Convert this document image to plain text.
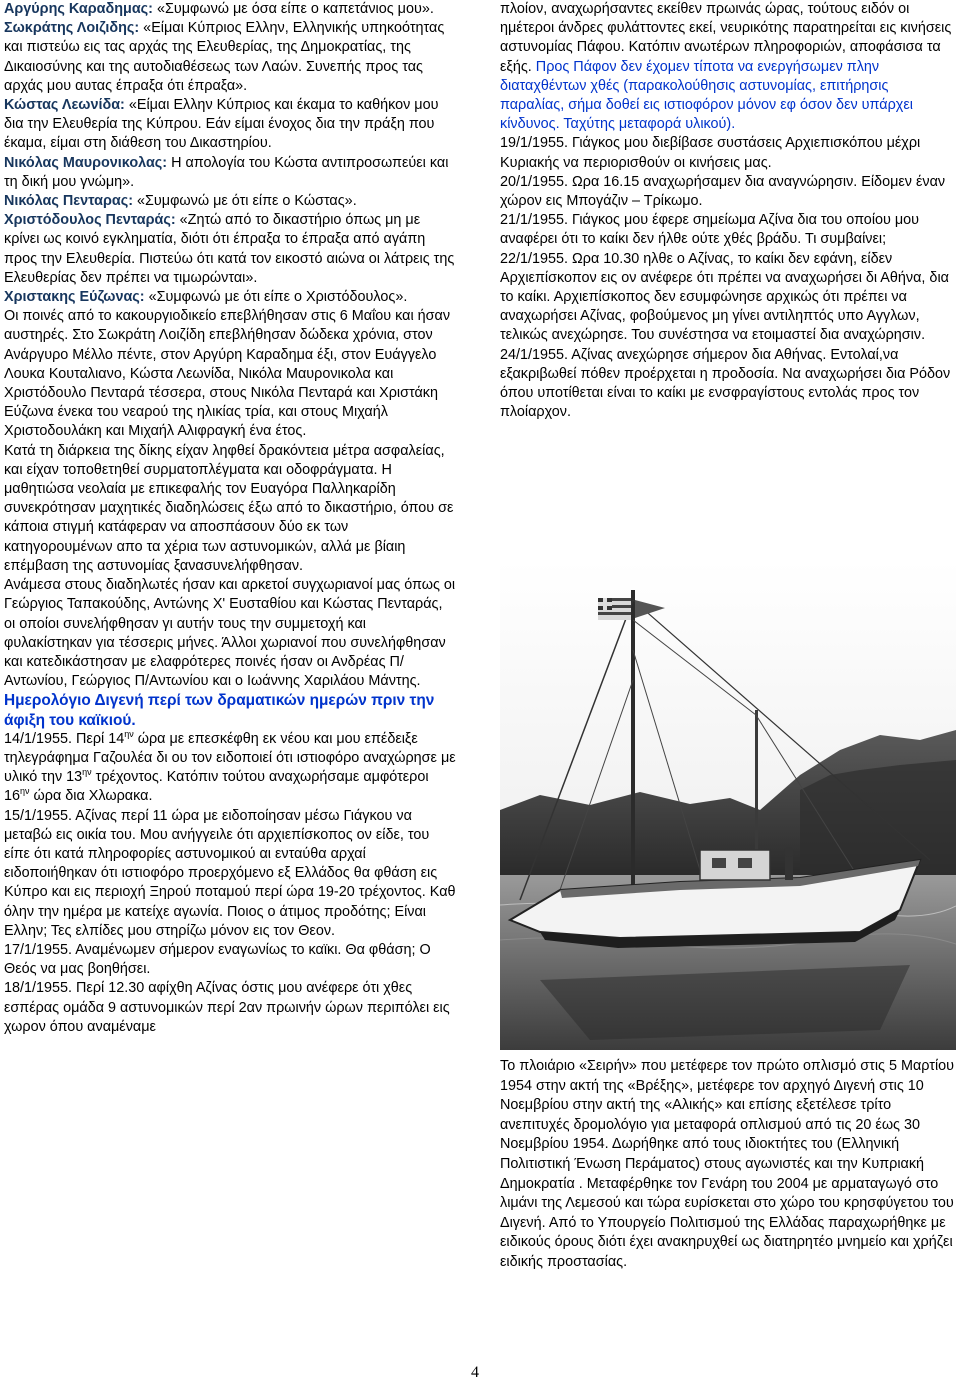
Αργύρης Καραδημας: «Συμφωνώ με όσα είπε ο καπετάνιος μου».

Σωκράτης Λοιζιδης: «Είμαι Κύπριος Ελλην, Ελληνικής υπηκοότητας και πιστεύω εις τας αρχάς της Ελευθερίας, της Δημοκρατίας, της Δικαιοσύνης και της αυτοδιαθέσεως των Λαών. Συνεπής προς τας αρχάς μου αυτας έπραξα ότι έπραξα».

Κώστας Λεωνίδα: «Είμαι Ελλην Κύπριος και έκαμα το καθήκον μου δια την Ελευθερία της Κύπρου. Εάν είμαι ένοχος δια την πράξη που έκαμα, είμαι στη διάθεση του Δικαστηρίου.

Νικόλας Μαυρονικολας: Η απολογία του Κώστα αντιπροσωπεύει και τη δική μου γνώμη».

Νικόλας Πενταρας: «Συμφωνώ με ότι είπε ο Κώστας».

Χριστόδουλος Πενταράς: «Ζητώ από το δικαστήριο όπως μη με κρίνει ως κοινό εγκληματία, διότι ότι έπραξα το έπραξα από αγάπη προς την Ελευθερία. Πιστεύω ότι κατά τον εικοστό αιώνα οι λάτρεις της Ελευθερίας δεν πρέπει να τιμωρώνται».

Χριστακης Εύζωνας: «Συμφωνώ με ότι είπε ο Χριστόδουλος».

Οι ποινές από το κακουργιοδικείο επεβλήθησαν στις 6 Μαΐου και ήσαν αυστηρές. Στο Σωκράτη Λοιζίδη επεβλήθησαν δώδεκα χρόνια, στον Ανάργυρο Μέλλο πέντε, στον Αργύρη Καραδημα έξι, στον Ευάγγελο Λουκα Κουταλιανο, Κώστα Λεωνίδα, Νικόλα Μαυρονικολα και Χριστόδουλο Πενταρά τέσσερα, στους Νικόλα Πενταρά και Χριστάκη Εύζωνα ένεκα του νεαρού της ηλικίας τρία, και στους Μιχαήλ Χριστοδουλάκη και Μιχαήλ Αλιφραγκή ένα έτος.

Κατά τη διάρκεια της δίκης είχαν ληφθεί δρακόντεια μέτρα ασφαλείας, και είχαν τοποθετηθεί συρματοπλέγματα και οδοφράγματα. Η μαθητιώσα νεολαία με επικεφαλής τον Ευαγόρα Παλληκαρίδη συνεκρότησαν μαχητικές διαδηλώσεις έξω από το δικαστήριο, όπου σε κάποια στιγμή κατάφεραν να αποσπάσουν δύο εκ των κατηγορουμένων απο τα χέρια των αστυνομικών, αλλά με βίαιη επέμβαση της αστυνομίας ξανασυνελήφθησαν.

Ανάμεσα στους διαδηλωτές ήσαν και αρκετοί συγχωριανοί μας όπως οι Γεώργιος Ταπακούδης, Αντώνης Χ' Ευσταθίου και Κώστας Πενταράς, οι οποίοι συνελήφθησαν γι αυτήν τους την συμμετοχή και φυλακίστηκαν για τέσσερις μήνες. Άλλοι χωριανοί που συνελήφθησαν και κατεδικάστησαν με ελαφρότερες ποινές ήσαν οι Ανδρέας Π/Αντωνίου, Γεώργιος Π/Αντωνίου και ο Ιωάννης Χαριλάου Μάντης.

Ημερολόγιο Διγενή περί των δραματικών ημερών πριν την άφιξη του καϊκιού.

14/1/1955. Περί $14^{\eta\nu}$ ώρα με επεσκέφθη εκ νέου και μου επέδειξε τηλεγράφημα Γαζουλέα δι ου τον ειδοποιεί ότι ιστιοφόρο αναχώρησε με υλικό την $13^{\eta\nu}$ τρέχοντος. Κατόπιν τούτου αναχωρήσαμε αμφότεροι $16^{\eta\nu}$ ώρα δια Χλωρακα.

15/1/1955. Αζίνας περί 11 ώρα με ειδοποίησαν μέσω Γιάγκου να μεταβώ εις οικία του. Μου ανήγγειλε ότι αρχιεπίσκοπος ον είδε, του είπε ότι κατά πληροφορίες αστυνομικού αι ενταύθα αρχαί ειδοποιήθηκαν ότι ιστιοφόρο προερχόμενο εξ Ελλάδος θα φθάση εις Κύπρο και εις περιοχή Ξηρού ποταμού περί ώρα 19-20 τρέχοντος. Καθ όλην την ημέρα με κατείχε αγωνία. Ποιος ο άτιμος προδότης; Είναι Ελλην; Τες ελπίδες μου στηρίζω μόνον εις τον Θεον.

17/1/1955. Αναμένωμεν σήμερον εναγωνίως το καϊκι. Θα φθάση; Ο Θεός να μας βοηθήσει.

18/1/1955. Περί 12.30 αφίχθη Αζίνας όστις μου ανέφερε ότι χθες εσπέρας ομάδα 9 αστυνομικών περί 2αν πρωινήν ώρων περιπόλει εις χωρον όπου αναμέναμε

πλοίον, αναχωρήσαντες εκείθεν πρωινάς ώρας, τούτους ειδόν οι ημέτεροι άνδρες φυλάττοντες εκεί, νευρικότης παρατηρείται εις κινήσεις αστυνομίας Πάφου. Κατόπιν ανωτέρων πληροφοριών, αποφάσισα τα εξής. Προς Πάφον δεν έχομεν τίποτα να ενεργήσωμεν πλην διαταχθέντων χθές (παρακολούθησις αστυνομίας, επιτήρησις παραλίας, σήμα δοθεί εις ιστιοφόρον μόνον εφ όσον δεν υπάρχει κίνδυνος. Ταχύτης μεταφορά υλικού).

19/1/1955. Γιάγκος μου διεβίβασε συστάσεις Αρχιεπισκόπου μέχρι Κυριακής να περιορισθούν οι κινήσεις μας.

20/1/1955. Ωρα 16.15 αναχωρήσαμεν δια αναγνώρησιν. Είδομεν έναν χώρον εις Μπογάζιν – Τρίκωμο.

21/1/1955. Γιάγκος μου έφερε σημείωμα Αζίνα δια του οποίου μου αναφέρει ότι το καίκι δεν ήλθε ούτε χθές βράδυ. Τι συμβαίνει;

22/1/1955. Ωρα 10.30 ηλθε ο Αζίνας, το καίκι δεν εφάνη, είδεν Αρχιεπίσκοπον εις ον ανέφερε ότι πρέπει να αναχωρήσει δι Αθήνα, δια το καίκι. Αρχιεπίσκοπος δεν εσυμφώνησε αρχικώς ότι πρέπει να αναχωρήσει Αζίνας, φοβούμενος μη γίνει αντιληπτός υπο Αγγλων, τελικώς ανεχώρησε. Του συνέστησα να ετοιμαστεί δια αναχώρησιν.

24/1/1955. Αζίνας ανεχώρησε σήμερον δια Αθήνας. Εντολαί,να εξακριβωθεί πόθεν προέρχεται η προδοσία. Να αναχωρήσει δια Ρόδον όπου υποτίθεται είναι το καίκι με ενσφραγίστους εντολάς προς τον πλοίαρχον.

Το πλοιάριο «Σειρήν» που μετέφερε τον πρώτο οπλισμό στις 5 Μαρτίου 1954 στην ακτή της «Βρέξης», μετέφερε τον αρχηγό Διγενή στις 10 Νοεμβρίου στην ακτή της «Αλικής» και επίσης εξετέλεσε τρίτο ανεπιτυχές δρομολόγιο για μεταφορά οπλισμού από τις 20 έως 30 Νοεμβρίου 1954. Δωρήθηκε από τους ιδιοκτήτες του (Ελληνική Πολιτιστική Ένωση Περάματος) στους αγωνιστές και την Κυπριακή Δημοκρατία . Μεταφέρθηκε τον Γενάρη του 2004 με αρματαγωγό στο λιμάνι της Λεμεσού και τώρα ευρίσκεται στο χώρο του κρησφύγετου του Διγενή. Από το Υπουργείο Πολιτισμού της Ελλάδας παραχωρήθηκε με ειδικούς όρους διότι έχει ανακηρυχθεί ως διατηρητέο μνημείο και χρήζει ειδικής προστασίας.

4
